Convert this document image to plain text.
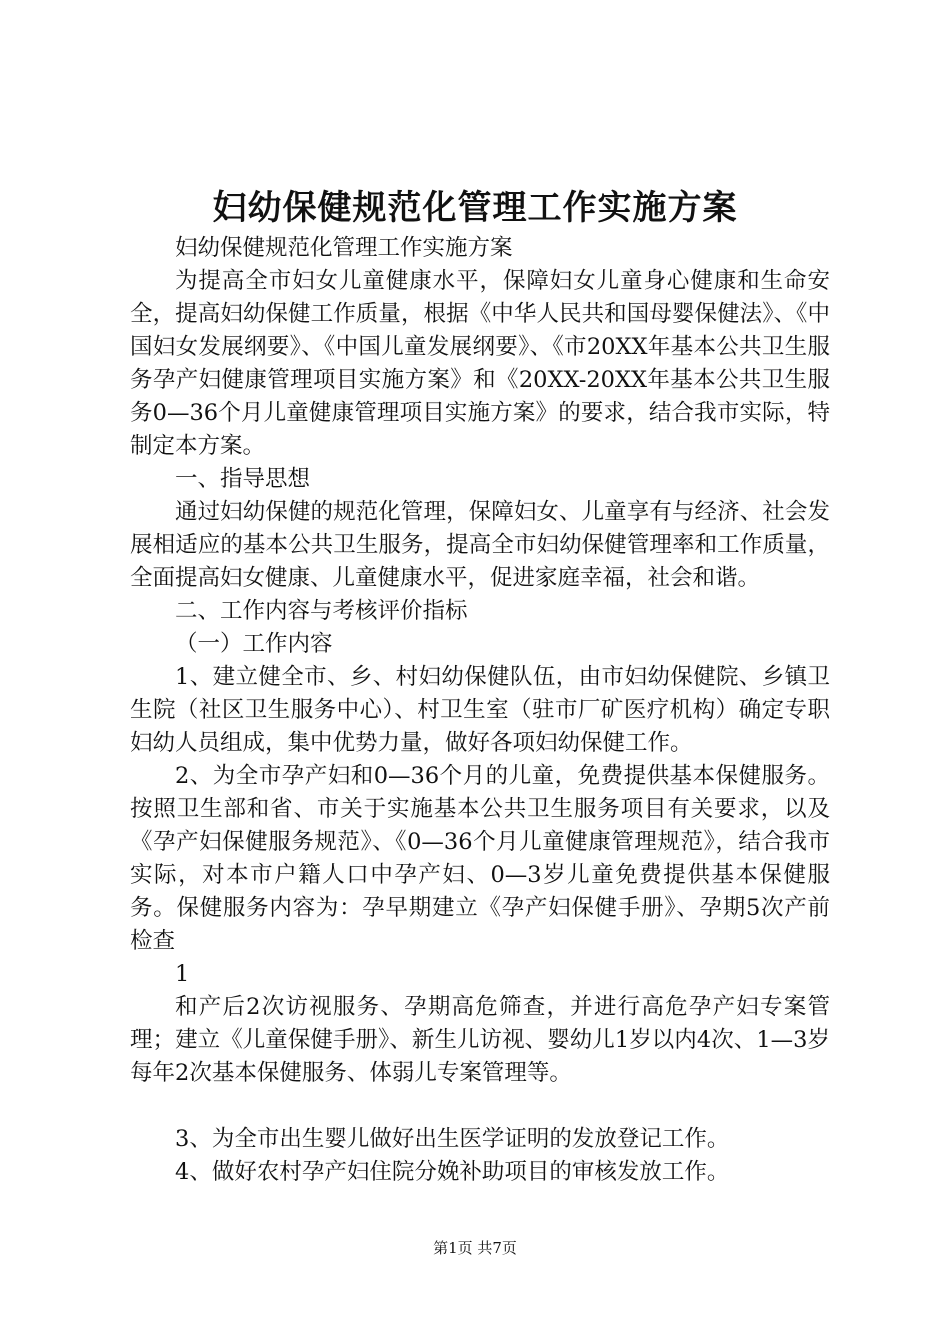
妇幼保健规范化管理工作实施方案

妇幼保健规范化管理工作实施方案

为提高全市妇女儿童健康水平，保障妇女儿童身心健康和生命安全，提高妇幼保健工作质量，根据《中华人民共和国母婴保健法》、《中国妇女发展纲要》、《中国儿童发展纲要》、《市20XX年基本公共卫生服务孕产妇健康管理项目实施方案》和《20XX-20XX年基本公共卫生服务0—36个月儿童健康管理项目实施方案》的要求，结合我市实际，特制定本方案。

一、指导思想

通过妇幼保健的规范化管理，保障妇女、儿童享有与经济、社会发展相适应的基本公共卫生服务，提高全市妇幼保健管理率和工作质量，全面提高妇女健康、儿童健康水平，促进家庭幸福，社会和谐。

二、工作内容与考核评价指标

（一）工作内容

1、建立健全市、乡、村妇幼保健队伍，由市妇幼保健院、乡镇卫生院（社区卫生服务中心）、村卫生室（驻市厂矿医疗机构）确定专职妇幼人员组成，集中优势力量，做好各项妇幼保健工作。

2、为全市孕产妇和0—36个月的儿童，免费提供基本保健服务。按照卫生部和省、市关于实施基本公共卫生服务项目有关要求，以及《孕产妇保健服务规范》、《0—36个月儿童健康管理规范》，结合我市实际，对本市户籍人口中孕产妇、0—3岁儿童免费提供基本保健服务。保健服务内容为：孕早期建立《孕产妇保健手册》、孕期5次产前检查

1

和产后2次访视服务、孕期高危筛查，并进行高危孕产妇专案管理；建立《儿童保健手册》、新生儿访视、婴幼儿1岁以内4次、1—3岁每年2次基本保健服务、体弱儿专案管理等。

3、为全市出生婴儿做好出生医学证明的发放登记工作。

4、做好农村孕产妇住院分娩补助项目的审核发放工作。

第1页 共7页
